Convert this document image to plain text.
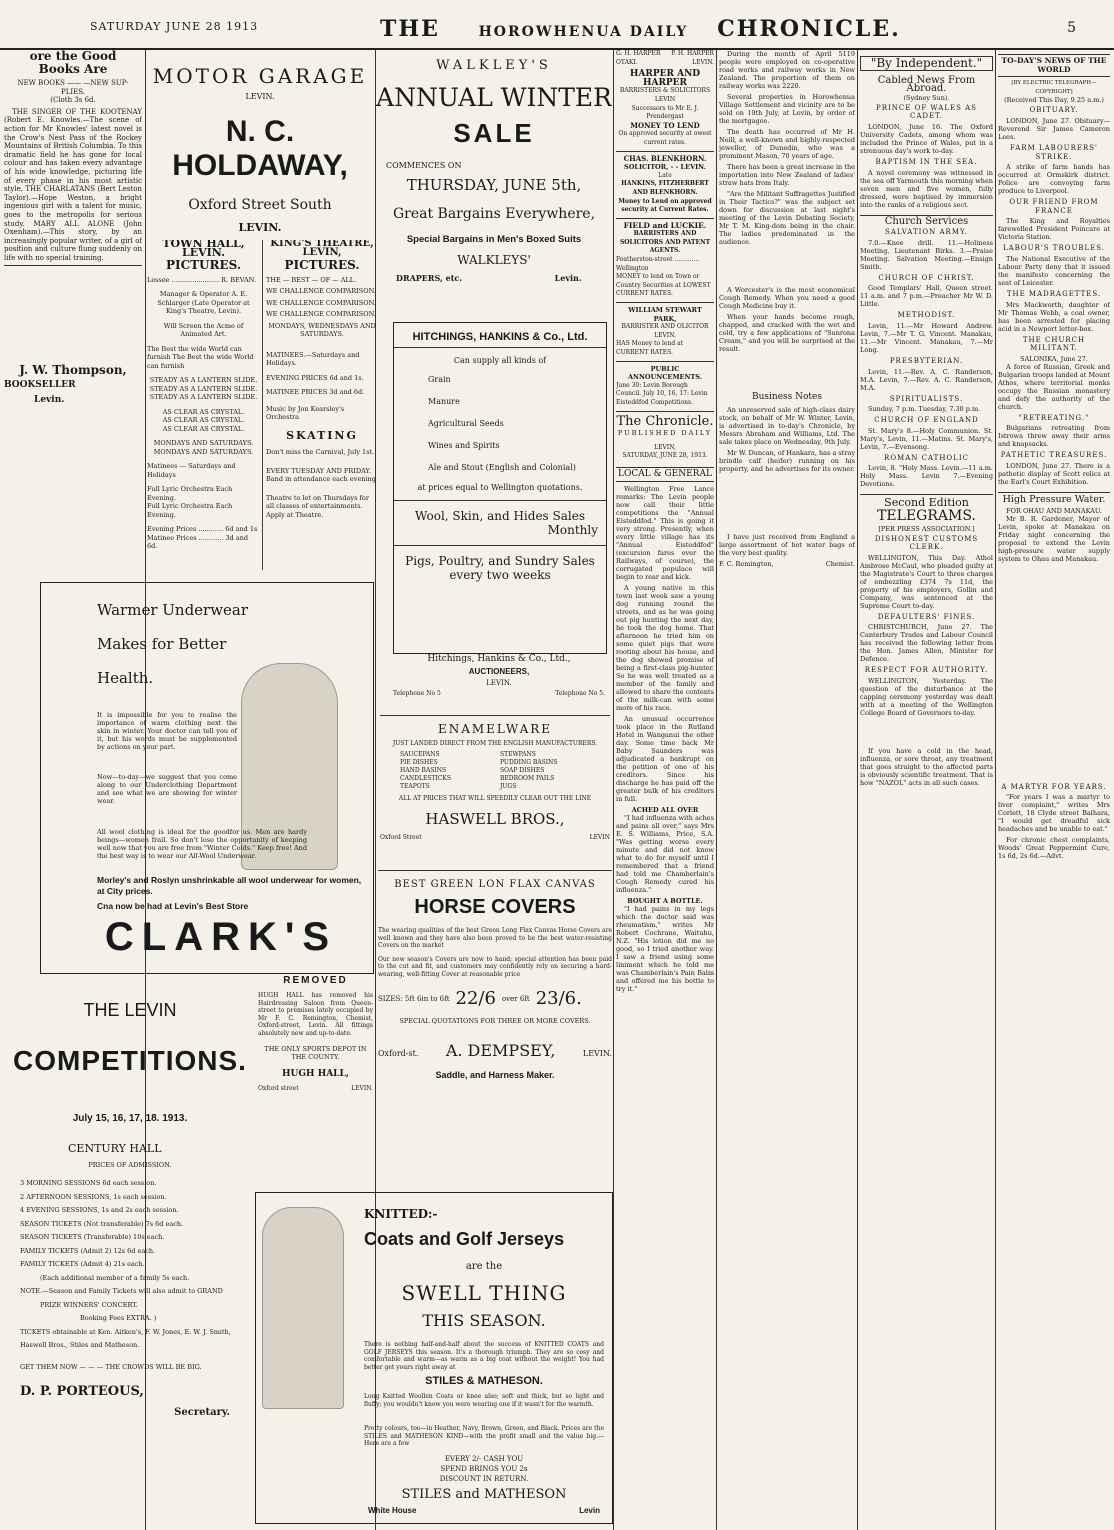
SATURDAY JUNE 28 1913	THE	HOROWHENUA DAILY CHRONICLE.	5
ore the Good
Books Are
NEW BOOKS —— —NEW SUP-
PLIES.
(Cloth 3s 6d.

THE SINGER OF THE KOOTENAY (Robert E. Knowles.—The scene of action for Mr Knowles' latest novel is the Crow's Nest Pass of the Rockey Mountains of British Columbia. To this dramatic field he has gone for local colour and has taken every advantage of his wide knowledge, picturing life of every phase in his most artistic style. THE CHARLATANS (Bert Leston Taylor).—Hope Weston, a bright ingenious girl with a talent for music, goes to the metropolis for serious study. MARY ALL ALONE (John Oxenham).—This story, by an increasingly popular writer, of a girl of position and culture flung suddenly on life with no special training.

J. W. Thompson,
BOOKSELLER
Levin.
MOTOR GARAGE
LEVIN.
N. C. HOLDAWAY,
Oxford Street South
LEVIN.
TOWN HALL, LEVIN.
PICTURES.
Lessee ....................... R. BEVAN.
Manager & Operator A. E. Schlarger (Late Operator at King's Theatre, Levin).
Will Screen the Acme of Animated Art.
The Best the wide World can furnish The Best the wide World can furnish
STEADY AS A LANTERN SLIDE.
STEADY AS A LANTERN SLIDE.
STEADY AS A LANTERN SLIDE.
AS CLEAR AS CRYSTAL.
AS CLEAR AS CRYSTAL.
AS CLEAR AS CRYSTAL.
MONDAYS AND SATURDAYS.
MONDAYS AND SATURDAYS.
Matinees — Saturdays and Holidays
Full Lyric Orchestra Each Evening.
Full Lyric Orchestra Each Evening.
Evening Prices ............ 6d and 1s
Matinee Prices ............ 3d and 6d.
KING'S THEATRE, LEVIN,
PICTURES.
THE — BEST — OF — ALL.
WE CHALLENGE COMPARISON.
WE CHALLENGE COMPARISON.
WE CHALLENGE COMPARISON.
MONDAYS, WEDNESDAYS AND SATURDAYS.
MATINEES.—Saturdays and Holidays.
EVENING PRICES 6d and 1s.
MATINEE PRICES 3d and 6d.
Music by Jon Kearsley's Orchestra
SKATING
Don't miss the Carnival, July 1st.
EVERY TUESDAY AND FRIDAY. Band in attendance each evening
Theatre to let on Thursdays for all classes of entertainments. Apply at Theatre.
Warmer Underwear
Makes for Better
Health.
It is impossible for you to realise the importance of warm clothing next the skin in winter. Your doctor can tell you of it, but his words must be supplemented by actions on your part.
Now—to-day—we suggest that you come along to our Underclothing Department and see what we are showing for winter wear.
All wool clothing is ideal for the goodfor us. Men are hardy beings—women frail. So don't lose the opportunity of keeping well now that you are free from "Winter Colds." Keep free! And the best way is to wear our All-Wool Underwear.
Morley's and Roslyn unshrinkable all wool underwear for women, at City prices.
Cna now be had at Levin's Best Store
CLARK'S
THE LEVIN
COMPETITIONS.
July 15, 16, 17, 18. 1913.
CENTURY HALL
PRICES OF ADMISSION.
3 MORNING SESSIONS 6d each session.
2 AFTERNOON SESSIONS, 1s each session.
4 EVENING SESSIONS, 1s and 2s each session.
SEASON TICKETS (Not transferable) 7s 6d each.
SEASON TICKETS (Transferable) 10s each.
FAMILY TICKETS (Admit 2) 12s 6d each.
FAMILY TICKETS (Admit 4) 21s each.
(Each additional member of a family 5s each.
NOTE.—Season and Family Tickets will also admit to GRAND
PRIZE WINNERS' CONCERT.
Booking Fees EXTRA. )
TICKETS obtainable at Ken. Aitken's, F. W. Jones, E. W. J. Smith, Haswell Bros., Stiles and Matheson.
GET THEM NOW — — — THE CROWDS WILL BE BIG.
D. P. PORTEOUS,
Secretary.
WALKLEY'S
ANNUAL WINTER
SALE
COMMENCES ON
THURSDAY, JUNE 5th,
Great Bargains Everywhere,
Special Bargains in Men's Boxed Suits
WALKLEYS'
DRAPERS, etc.	Levin.
HITCHINGS, HANKINS & Co., Ltd.
Can supply all kinds of
Grain
Manure
Agricultural Seeds
Wines and Spirits
Ale and Stout (English and Colonial)
at prices equal to Wellington quotations.
Wool, Skin, and Hides Sales
Monthly
Pigs, Poultry, and Sundry Sales
every two weeks
Hitchings, Hankins & Co., Ltd.,
AUCTIONEERS,
LEVIN.
Telephone No 5	Telephone No 5.
ENAMELWARE
JUST LANDED DIRECT FROM THE ENGLISH MANUFACTURERS.
SAUCEPANS
PIE DISHES
HAND BASINS
CANDLESTICKS
TEAPOTS
STEWPANS
PUDDING BASINS
SOAP DISHES
BEDROOM PAILS
JUGS
ALL AT PRICES THAT WILL SPEEDILY CLEAR OUT THE LINE
HASWELL BROS.,
Oxford Street	LEVIN
BEST GREEN LON FLAX CANVAS
HORSE COVERS
The wearing qualities of the best Green Long Flax Canvas Horse Covers are well known and they have also been proved to be the best water-resisting Covers on the market
Our new season's Covers are now to hand; special attention has been paid to the cut and fit, and customers may confidently rely on securing a hard-wearing, well-fitting Cover at reasonable price
SIZES: 5ft 6in to 6ft 22/6 over 6ft 23/6.
SPECIAL QUOTATIONS FOR THREE OR MORE COVERS.
Oxford-st. A. DEMPSEY,	LEVIN.
Saddle, and Harness Maker.
REMOVED
HUGH HALL has removed his Hairdressing Saloon from Queen-street to premises lately occupied by Mr F. C. Remington, Chemist, Oxford-street, Levin. All fittings absolutely new and up-to-date.
THE ONLY SPORTS DEPOT IN THE COUNTY.
HUGH HALL,
Oxford street	LEVIN.
KNITTED:-
Coats and Golf Jerseys
are the
SWELL THING
THIS SEASON.
There is nothing half-and-half about the success of KNITTED COATS and GOLF JERSEYS this season. It's a thorough triumph. They are so cosy and comfortable and warm—as warm as a big coat without the weight! You had better get yours right away at
STILES & MATHESON.
Long Knitted Woollen Coats or knee also; soft and thick, but so light and fluffy; you wouldn't know you were wearing one if it wasn't for the warmth.
Pretty colours, too—in Heather, Navy, Brown, Green, and Black. Prices are the STILES and MATHESON KIND—with the profit small and the value big.—Here are a few
EVERY 2/- CASH YOU
SPEND BRINGS YOU 2s
DISCOUNT IN RETURN.
STILES and MATHESON
White House	Levin
G. H. HARPER P. H. HARPER
OTAKI.	LEVIN.
HARPER AND HARPER
BARRISTERS & SOLICITORS
LEVIN
Successors to Mr E. J. Prendergast
MONEY TO LEND
On approved security at owest current rates.
CHAS. BLENKHORN.
SOLICITOR, - - LEVIN.
Late
HANKINS, FITZHERBERT AND BLENKHORN.
Money to Lend on approved security at Current Rates.
FIELD and LUCKIE.
BARRISTERS AND SOLICITORS AND PATENT AGENTS.
Featherston-street ............. Wellington
MONEY to lend on Town or Country Securities at LOWEST CURRENT RATES.
WILLIAM STEWART PARK,
BARRISTER AND OLICITOR LEVIN.
HAS Money to lend at CURRENT RATES.
PUBLIC ANNOUNCEMENTS.
June 30: Levin Borough Council. July 10, 16, 17: Levin Eisteddfod Competitions.
The Chronicle.
PUBLISHED DAILY
LEVIN,
SATURDAY, JUNE 28, 1913.
LOCAL & GENERAL

Wellington Free Lance remarks: The Levin people now call their little competitions the "Annual Eisteddfod." This is going it very strong. Presently, when every little village has its "Annual Eisteddfod" (excursion fares over the Railways, of course), the corrugated populace will begin to rear and kick.

A young native in this town last week saw a young dog running round the streets, and as he was going out pig hunting the next day, he took the dog home. That afternoon he tried him on some quiet pigs that were rooting about his house, and the dog showed promise of being a first-class pig-hunter. So he was well treated as a member of the family and allowed to share the contents of the milk-can with some more of his race.

An unusual occurrence took place in the Rutland Hotel in Wanganui the other day. Some time back Mr Baby Saunders was adjudicated a bankrupt on the petition of one of his creditors. Since his discharge he has paid off the greater bulk of his creditors in full.

ACHED ALL OVER

"I had influenza with aches and pains all over," says Mrs E. S. Williams, Price, S.A. "Was getting worse every minute and did not know what to do for myself until I remembered that a friend had told me Chamberlain's Cough Remedy cured his influenza."

BOUGHT A BOTTLE.

"I had pains in my legs which the doctor said was rheumatism," writes Mr Robert Cochrane, Waituhu, N.Z. "His lotion did me no good, so I tried another way. I saw a friend using some liniment which he told me was Chamberlain's Pain Balm and offered me his bottle to try it."

During the month of April 5119 people were employed on co-operative road works and railway works in New Zealand. The proportion of them on railway works was 2220.

Several properties in Horowhenua Village Settlement and vicinity are to be sold on 19th July, at Levin, by order of the mortgagee.

The death has occurred of Mr H. Neill, a well-known and highly-respected jeweller, of Dunedin, who was a prominent Mason, 70 years of age.

There has been a great increase in the importation into New Zealand of ladies' straw hats from Italy.

"Are the Militant Suffragettes Justified in Their Tactics?" was the subject set down for discussion at last night's meeting of the Levin Debating Society, Mr T. M. King-dom being in the chair. The ladies predominated in the audience.

A Worcester's is the most economical Cough Remedy. When you need a good Cough Medicine buy it.

When your hands become rough, chapped, and cracked with the wet and cold, try a few applications of "Sunrona Cream," and you will be surprised at the result.

Business Notes

An unreserved sale of high-class dairy stock, on behalf of Mr W. Winter, Levin, is advertised in to-day's Chronicle, by Messrs Abraham and Williams, Ltd. The sale takes place on Wednesday, 9th July.

Mr W. Duncan, of Hankara, has a stray brindle calf (heifer) running on his property, and he advertises for its owner.

I have just received from England a large assortment of hot water bags of the very best quality.

F. C. Remington,	Chemist.
"By Independent."
Cabled News From Abroad.
(Sydney Sun).
PRINCE OF WALES AS CADET.

LONDON, June 16. The Oxford University Cadets, among whom was included the Prince of Wales, put in a strenuous day's work to-day.

BAPTISM IN THE SEA.

A novel ceremony was witnessed in the sea off Yarmouth this morning when seven men and five women, fully dressed, were baptised by immersion into the ranks of a religious sect.

Church Services
SALVATION ARMY.

7.0.—Knee drill. 11.—Holiness Meeting, Lieutenant Birks. 3.—Praise Meeting. Salvation Meeting.—Ensign Smith.

CHURCH OF CHRIST.

Good Templars' Hall, Queen street. 11 a.m. and 7 p.m.—Preacher Mr W. D. Little.

METHODIST.

Levin, 11.—Mr Howard Andrew. Levin, 7.—Mr T. G. Vincent. Manakau, 11.—Mr Vincent. Manakau, 7.—Mr Long.

PRESBYTERIAN.

Levin, 11.—Rev. A. C. Randerson, M.A. Levin, 7.—Rev. A. C. Randerson, M.A.

SPIRITUALISTS.

Sunday, 7 p.m. Tuesday, 7.30 p.m.

CHURCH OF ENGLAND

St. Mary's 8.—Holy Communion. St. Mary's, Levin, 11.—Matins. St. Mary's, Levin, 7.—Evensong.

ROMAN CATHOLIC

Levin, 8. "Holy Mass. Levin.—11 a.m. Holy Mass. Levin 7.—Evening Devotions.

Second Edition
TELEGRAMS.
[PER PRESS ASSOCIATION.]
DISHONEST CUSTOMS CLERK.

WELLINGTON, This Day. Athol Ambrose McCaul, who pleaded guilty at the Magistrate's Court to three charges of embezzling £374 7s 11d, the property of his employers, Gollin and Company, was sentenced at the Supreme Court to-day.

DEFAULTERS' FINES.

CHRISTCHURCH, June 27. The Canterbury Trades and Labour Council has received the following letter from the Hon. James Allen, Minister for Defence.

RESPECT FOR AUTHORITY.

WELLINGTON, Yesterday. The question of the disturbance at the capping ceremony yesterday was dealt with at a meeting of the Wellington College Board of Governors to-day.

If you have a cold in the head, influenza, or sore throat, any treatment that goes straight to the affected parts is obviously scientific treatment. That is how "NAZOL" acts in all such cases.

TO-DAY'S NEWS OF THE WORLD
[BY ELECTRIC TELEGRAPH—COPYRIGHT]
(Received This Day, 9.25 a.m.)
OBITUARY.

LONDON, June 27. Obituary—Reverend Sir James Cameron Lees.

FARM LABOURERS' STRIKE.

A strike of farm hands has occurred at Ormskirk district. Police are convoying farm produce to Liverpool.

OUR FRIEND FROM FRANCE

The King and Royalties farewelled President Poincare at Victoria Station.

LABOUR'S TROUBLES.

The National Executive of the Labour Party deny that it issued the manifesto concerning the seat of Leicester.

THE MADRAGETTES.

Mrs Mackworth, daughter of Mr Thomas Webb, a coal owner, has been arrested for placing acid in a Newport letter-box.

THE CHURCH MILITANT.
SALONIKA, June 27.

A force of Russian, Greek and Bulgarian troops landed at Mount Athos, where territorial monks occupy the Russian monastery and defy the authority of the church.

"RETREATING."

Bulgarians retreating from Istrowa threw away their arms and knapsacks.

PATHETIC TREASURES.

LONDON, June 27. There is a pathetic display of Scott relics at the Earl's Court Exhibition.

High Pressure Water.
FOR OHAU AND MANAKAU.

Mr B. R. Gardener, Mayor of Levin, spoke at Manakau on Friday night concerning the proposal to extend the Levin high-pressure water supply system to Ohau and Manakau.

A MARTYR FOR YEARS.

"For years I was a martyr to liver complaint," writes Mrs Corlett, 18 Clyde street Balhara, "I would get dreadful sick headaches and be unable to eat."

For chronic chest complaints, Woods' Great Peppermint Cure, 1s 6d, 2s 6d.—Advt.
